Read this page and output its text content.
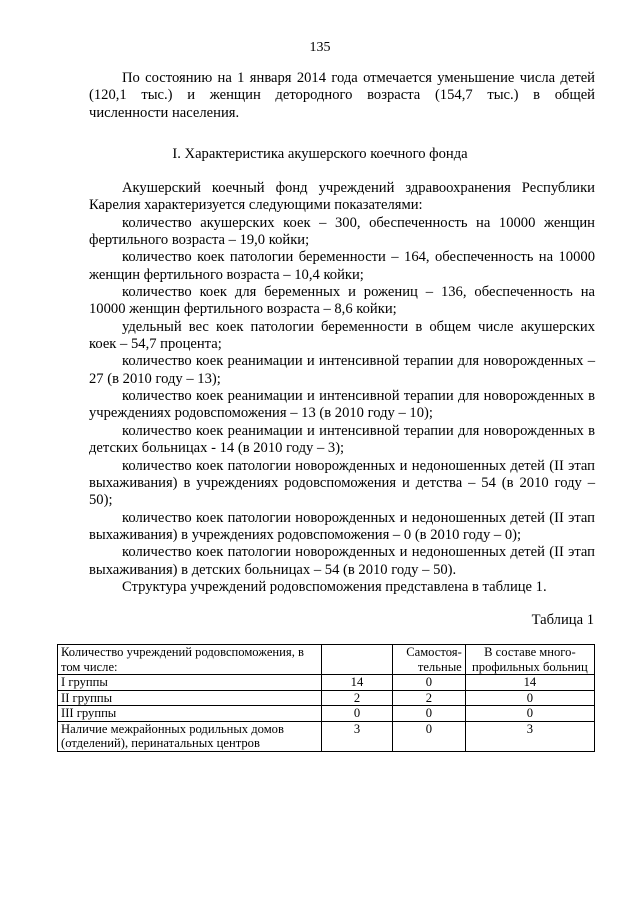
135

По состоянию на 1 января 2014 года отмечается уменьшение числа детей

(120,1 тыс.) и женщин детородного возраста (154,7 тыс.) в общей

численности населения.

I. Характеристика акушерского коечного фонда

Акушерский коечный фонд учреждений здравоохранения Республики Карелия характеризуется следующими показателями:

количество акушерских коек – 300, обеспеченность на 10000 женщин фертильного возраста – 19,0 койки;

количество коек патологии беременности – 164, обеспеченность на 10000 женщин фертильного возраста – 10,4 койки;

количество коек для беременных и рожениц – 136, обеспеченность на 10000 женщин фертильного возраста – 8,6 койки;

удельный вес коек патологии беременности в общем числе акушерских коек – 54,7 процента;

количество коек реанимации и интенсивной терапии для новорожденных – 27 (в 2010 году – 13);

количество коек реанимации и интенсивной терапии для новорожденных в учреждениях родовспоможения – 13 (в 2010 году – 10);

количество коек реанимации и интенсивной терапии для новорожденных в детских больницах - 14 (в 2010 году – 3);

количество коек патологии новорожденных и недоношенных детей (II этап выхаживания) в учреждениях родовспоможения и детства – 54 (в 2010 году – 50);

количество коек патологии новорожденных и недоношенных детей (II этап выхаживания) в учреждениях родовспоможения – 0 (в 2010 году – 0);

количество коек патологии новорожденных и недоношенных детей (II этап выхаживания) в детских больницах – 54 (в 2010 году – 50).

Структура учреждений родовспоможения представлена в таблице 1.

Таблица 1
Количество учреждений родовспоможения, в том числе:		Самостоя-тельные	В составе много-профильных больниц
I группы	14	0	14
II группы	2	2	0
III группы	0	0	0
Наличие межрайонных родильных домов (отделений), перинатальных центров	3	0	3
